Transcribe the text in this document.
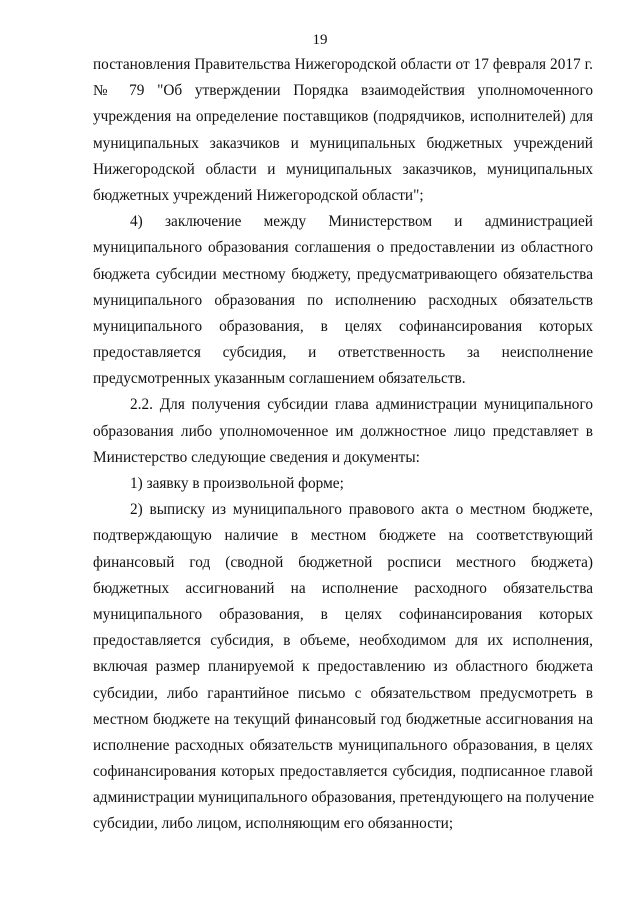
19
постановления Правительства Нижегородской области от 17 февраля 2017 г.
№ 79 "Об утверждении Порядка взаимодействия уполномоченного
учреждения на определение поставщиков (подрядчиков, исполнителей) для
муниципальных заказчиков и муниципальных бюджетных учреждений
Нижегородской области и муниципальных заказчиков, муниципальных
бюджетных учреждений Нижегородской области";
4) заключение между Министерством и администрацией
муниципального образования соглашения о предоставлении из областного
бюджета субсидии местному бюджету, предусматривающего обязательства
муниципального образования по исполнению расходных обязательств
муниципального образования, в целях софинансирования которых
предоставляется субсидия, и ответственность за неисполнение
предусмотренных указанным соглашением обязательств.
2.2. Для получения субсидии глава администрации муниципального
образования либо уполномоченное им должностное лицо представляет в
Министерство следующие сведения и документы:
1) заявку в произвольной форме;
2) выписку из муниципального правового акта о местном бюджете,
подтверждающую наличие в местном бюджете на соответствующий
финансовый год (сводной бюджетной росписи местного бюджета)
бюджетных ассигнований на исполнение расходного обязательства
муниципального образования, в целях софинансирования которых
предоставляется субсидия, в объеме, необходимом для их исполнения,
включая размер планируемой к предоставлению из областного бюджета
субсидии, либо гарантийное письмо с обязательством предусмотреть в
местном бюджете на текущий финансовый год бюджетные ассигнования на
исполнение расходных обязательств муниципального образования, в целях
софинансирования которых предоставляется субсидия, подписанное главой
администрации муниципального образования, претендующего на получение
субсидии, либо лицом, исполняющим его обязанности;
